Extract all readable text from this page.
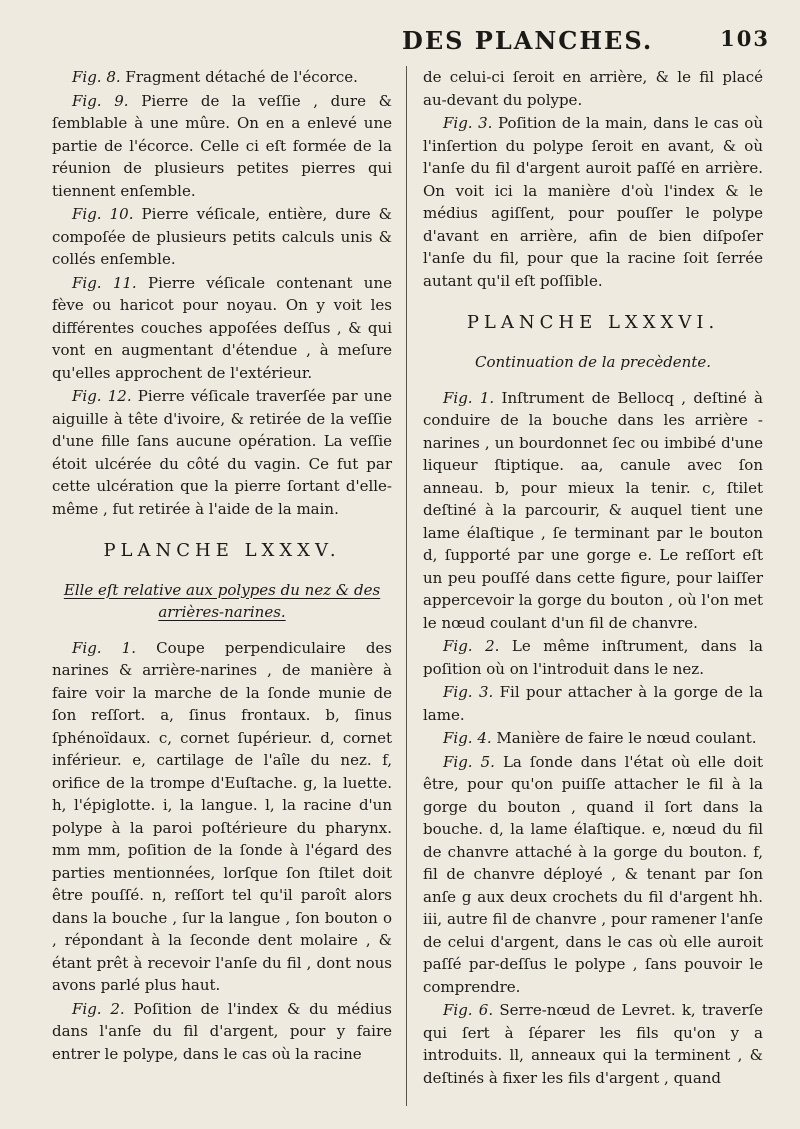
DES PLANCHES.	103

Fig. 8. Fragment détaché de l'écorce.

Fig. 9. Pierre de la veſſie , dure & ſemblable à une mûre. On en a enlevé une partie de l'écorce. Celle ci eſt formée de la réunion de plusieurs petites pierres qui tiennent enſemble.

Fig. 10. Pierre véſicale, entière, dure & compoſée de plusieurs petits calculs unis & collés enſemble.

Fig. 11. Pierre véſicale contenant une fève ou haricot pour noyau. On y voit les différentes couches appoſées deſſus , & qui vont en augmentant d'étendue , à meſure qu'elles approchent de l'extérieur.

Fig. 12. Pierre véſicale traverſée par une aiguille à tête d'ivoire, & retirée de la veſſie d'une fille ſans aucune opération. La veſſie étoit ulcérée du côté du vagin. Ce fut par cette ulcération que la pierre ſortant d'elle-même , fut retirée à l'aide de la main.

PLANCHE LXXXV.
Elle eſt relative aux polypes du nez & des arrières-narines.

Fig. 1. Coupe perpendiculaire des narines & arrière-narines , de manière à faire voir la marche de la ſonde munie de ſon reſſort. a, ſinus frontaux. b, ſinus ſphénoïdaux. c, cornet ſupérieur. d, cornet inférieur. e, cartilage de l'aîle du nez. f, orifice de la trompe d'Euſtache. g, la luette. h, l'épiglotte. i, la langue. l, la racine d'un polype à la paroi poſtérieure du pharynx. mm mm, poſition de la ſonde à l'égard des parties mentionnées, lorſque ſon ſtilet doit être pouſſé. n, reſſort tel qu'il paroît alors dans la bouche , ſur la langue , ſon bouton o , répondant à la ſeconde dent molaire , & étant prêt à recevoir l'anſe du fil , dont nous avons parlé plus haut.

Fig. 2. Poſition de l'index & du médius dans l'anſe du fil d'argent, pour y faire entrer le polype, dans le cas où la racine

de celui-ci ſeroit en arrière, & le fil placé au-devant du polype.

Fig. 3. Poſition de la main, dans le cas où l'inſertion du polype ſeroit en avant, & où l'anſe du fil d'argent auroit paſſé en arrière. On voit ici la manière d'où l'index & le médius agiſſent, pour pouſſer le polype d'avant en arrière, afin de bien diſpoſer l'anſe du fil, pour que la racine ſoit ſerrée autant qu'il eſt poſſible.

PLANCHE LXXXVI.
Continuation de la precèdente.

Fig. 1. Inſtrument de Bellocq , deſtiné à conduire de la bouche dans les arrière - narines , un bourdonnet ſec ou imbibé d'une liqueur ſtiptique. aa, canule avec ſon anneau. b, pour mieux la tenir. c, ſtilet deſtiné à la parcourir, & auquel tient une lame élaſtique , ſe terminant par le bouton d, ſupporté par une gorge e. Le reſſort eſt un peu pouſſé dans cette figure, pour laiſſer appercevoir la gorge du bouton , où l'on met le nœud coulant d'un fil de chanvre.

Fig. 2. Le même inſtrument, dans la poſition où on l'introduit dans le nez.

Fig. 3. Fil pour attacher à la gorge de la lame.

Fig. 4. Manière de faire le nœud coulant.

Fig. 5. La ſonde dans l'état où elle doit être, pour qu'on puiſſe attacher le fil à la gorge du bouton , quand il ſort dans la bouche. d, la lame élaſtique. e, nœud du fil de chanvre attaché à la gorge du bouton. f, fil de chanvre déployé , & tenant par ſon anſe g aux deux crochets du fil d'argent hh. iii, autre fil de chanvre , pour ramener l'anſe de celui d'argent, dans le cas où elle auroit paſſé par-deſſus le polype , ſans pouvoir le comprendre.

Fig. 6. Serre-nœud de Levret. k, traverſe qui ſert à ſéparer les fils qu'on y a introduits. ll, anneaux qui la terminent , & deſtinés à fixer les fils d'argent , quand
